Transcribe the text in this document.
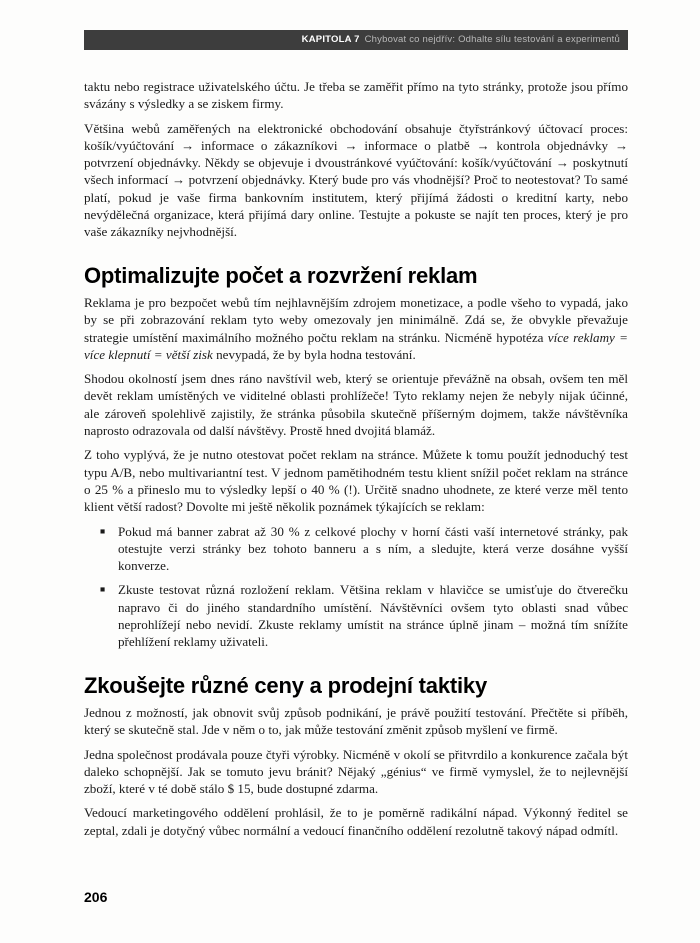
KAPITOLA 7 Chybovat co nejdřív: Odhalte sílu testování a experimentů

taktu nebo registrace uživatelského účtu. Je třeba se zaměřit přímo na tyto stránky, protože jsou přímo svázány s výsledky a se ziskem firmy.

Většina webů zaměřených na elektronické obchodování obsahuje čtyřstránkový účtovací proces: košík/vyúčtování → informace o zákazníkovi → informace o platbě → kontrola objednávky → potvrzení objednávky. Někdy se objevuje i dvoustránkové vyúčtování: košík/vyúčtování → poskytnutí všech informací → potvrzení objednávky. Který bude pro vás vhodnější? Proč to neotestovat? To samé platí, pokud je vaše firma bankovním institutem, který přijímá žádosti o kreditní karty, nebo nevýdělečná organizace, která přijímá dary online. Testujte a pokuste se najít ten proces, který je pro vaše zákazníky nejvhodnější.

Optimalizujte počet a rozvržení reklam

Reklama je pro bezpočet webů tím nejhlavnějším zdrojem monetizace, a podle všeho to vypadá, jako by se při zobrazování reklam tyto weby omezovaly jen minimálně. Zdá se, že obvykle převažuje strategie umístění maximálního možného počtu reklam na stránku. Nicméně hypotéza více reklamy = více klepnutí = větší zisk nevypadá, že by byla hodna testování.

Shodou okolností jsem dnes ráno navštívil web, který se orientuje převážně na obsah, ovšem ten měl devět reklam umístěných ve viditelné oblasti prohlížeče! Tyto reklamy nejen že nebyly nijak účinné, ale zároveň spolehlivě zajistily, že stránka působila skutečně příšerným dojmem, takže návštěvníka naprosto odrazovala od další návštěvy. Prostě hned dvojitá blamáž.

Z toho vyplývá, že je nutno otestovat počet reklam na stránce. Můžete k tomu použít jednoduchý test typu A/B, nebo multivariantní test. V jednom pamětihodném testu klient snížil počet reklam na stránce o 25 % a přineslo mu to výsledky lepší o 40 % (!). Určitě snadno uhodnete, ze které verze měl tento klient větší radost? Dovolte mi ještě několik poznámek týkajících se reklam:

■ Pokud má banner zabrat až 30 % z celkové plochy v horní části vaší internetové stránky, pak otestujte verzi stránky bez tohoto banneru a s ním, a sledujte, která verze dosáhne vyšší konverze.
■ Zkuste testovat různá rozložení reklam. Většina reklam v hlavičce se umisťuje do čtverečku napravo či do jiného standardního umístění. Návštěvníci ovšem tyto oblasti snad vůbec neprohlížejí nebo nevidí. Zkuste reklamy umístit na stránce úplně jinam – možná tím snížíte přehlížení reklamy uživateli.
Zkoušejte různé ceny a prodejní taktiky

Jednou z možností, jak obnovit svůj způsob podnikání, je právě použití testování. Přečtěte si příběh, který se skutečně stal. Jde v něm o to, jak může testování změnit způsob myšlení ve firmě.

Jedna společnost prodávala pouze čtyři výrobky. Nicméně v okolí se přitvrdilo a konkurence začala být daleko schopnější. Jak se tomuto jevu bránit? Nějaký „génius“ ve firmě vymyslel, že to nejlevnější zboží, které v té době stálo $ 15, bude dostupné zdarma.

Vedoucí marketingového oddělení prohlásil, že to je poměrně radikální nápad. Výkonný ředitel se zeptal, zdali je dotyčný vůbec normální a vedoucí finančního oddělení rezolutně takový nápad odmítl.

206
